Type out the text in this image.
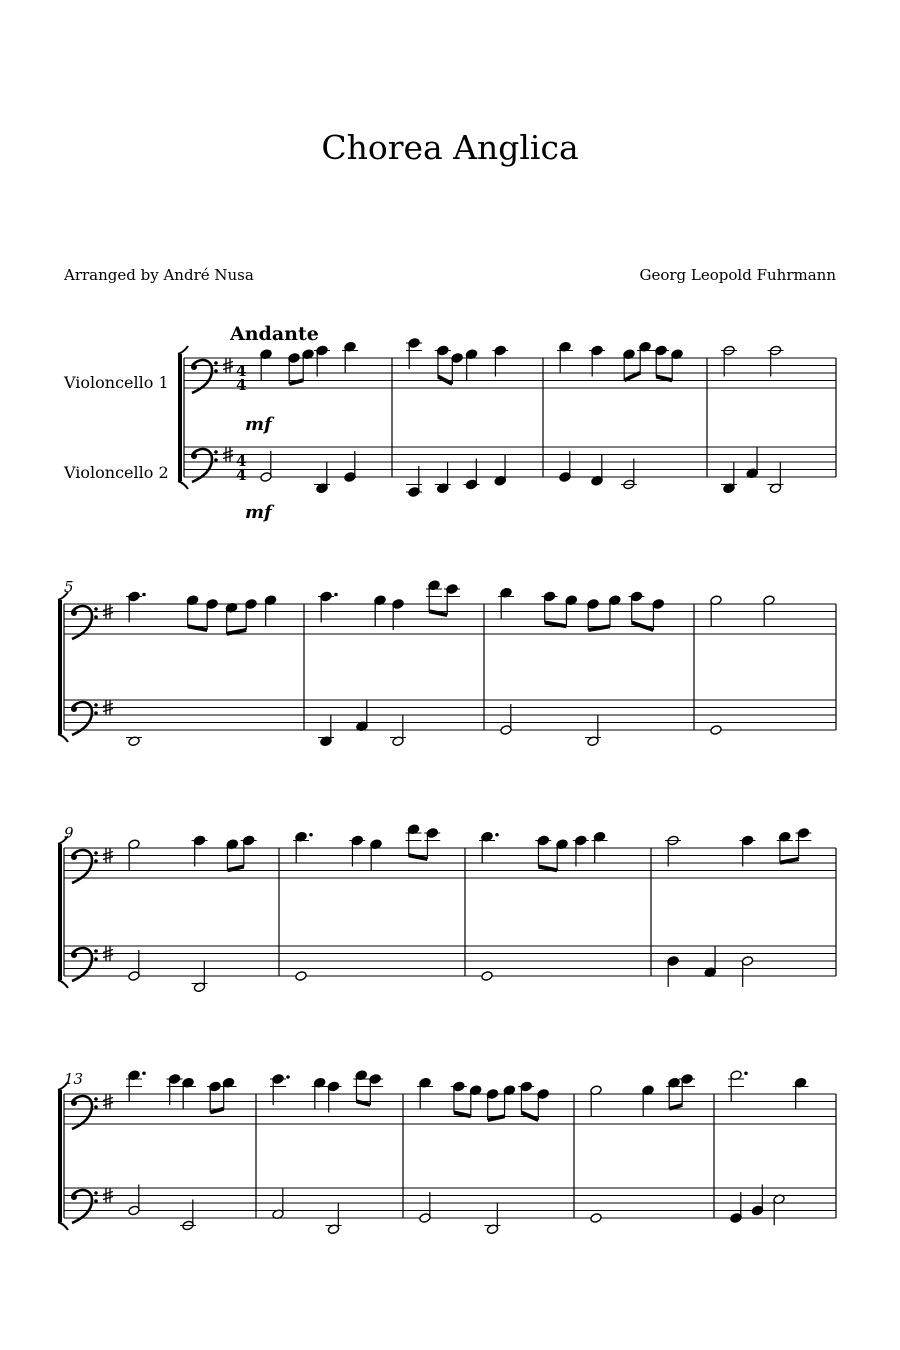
Chorea Anglica
Arranged by André Nusa	Georg Leopold Fuhrmann
Andante
Violoncello 1
Violoncello 2
5
9
13
mf
mf
4
4
4
4
